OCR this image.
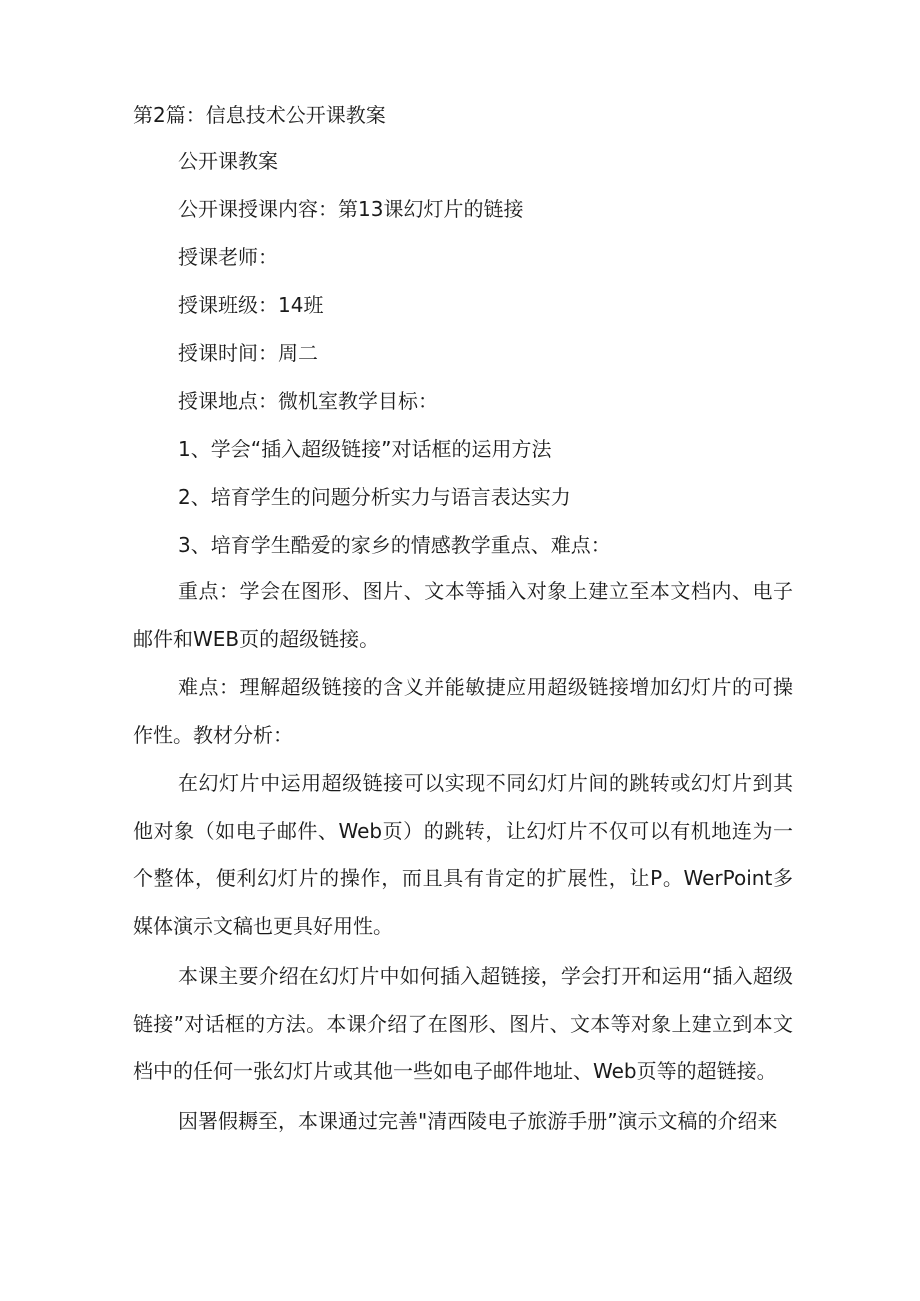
第2篇：信息技术公开课教案
公开课教案
公开课授课内容：第13课幻灯片的链接
授课老师：
授课班级：14班
授课时间：周二
授课地点：微机室教学目标：
1、学会“插入超级链接”对话框的运用方法
2、培育学生的问题分析实力与语言表达实力
3、培育学生酷爱的家乡的情感教学重点、难点：
重点：学会在图形、图片、文本等插入对象上建立至本文档内、电子邮件和WEB页的超级链接。
难点：理解超级链接的含义并能敏捷应用超级链接增加幻灯片的可操作性。教材分析：
在幻灯片中运用超级链接可以实现不同幻灯片间的跳转或幻灯片到其他对象（如电子邮件、Web页）的跳转，让幻灯片不仅可以有机地连为一个整体，便利幻灯片的操作，而且具有肯定的扩展性，让P。WerPoint多媒体演示文稿也更具好用性。
本课主要介绍在幻灯片中如何插入超链接，学会打开和运用“插入超级链接”对话框的方法。本课介绍了在图形、图片、文本等对象上建立到本文档中的任何一张幻灯片或其他一些如电子邮件地址、Web页等的超链接。
因署假耨至，本课通过完善"清西陵电子旅游手册”演示文稿的介绍来
